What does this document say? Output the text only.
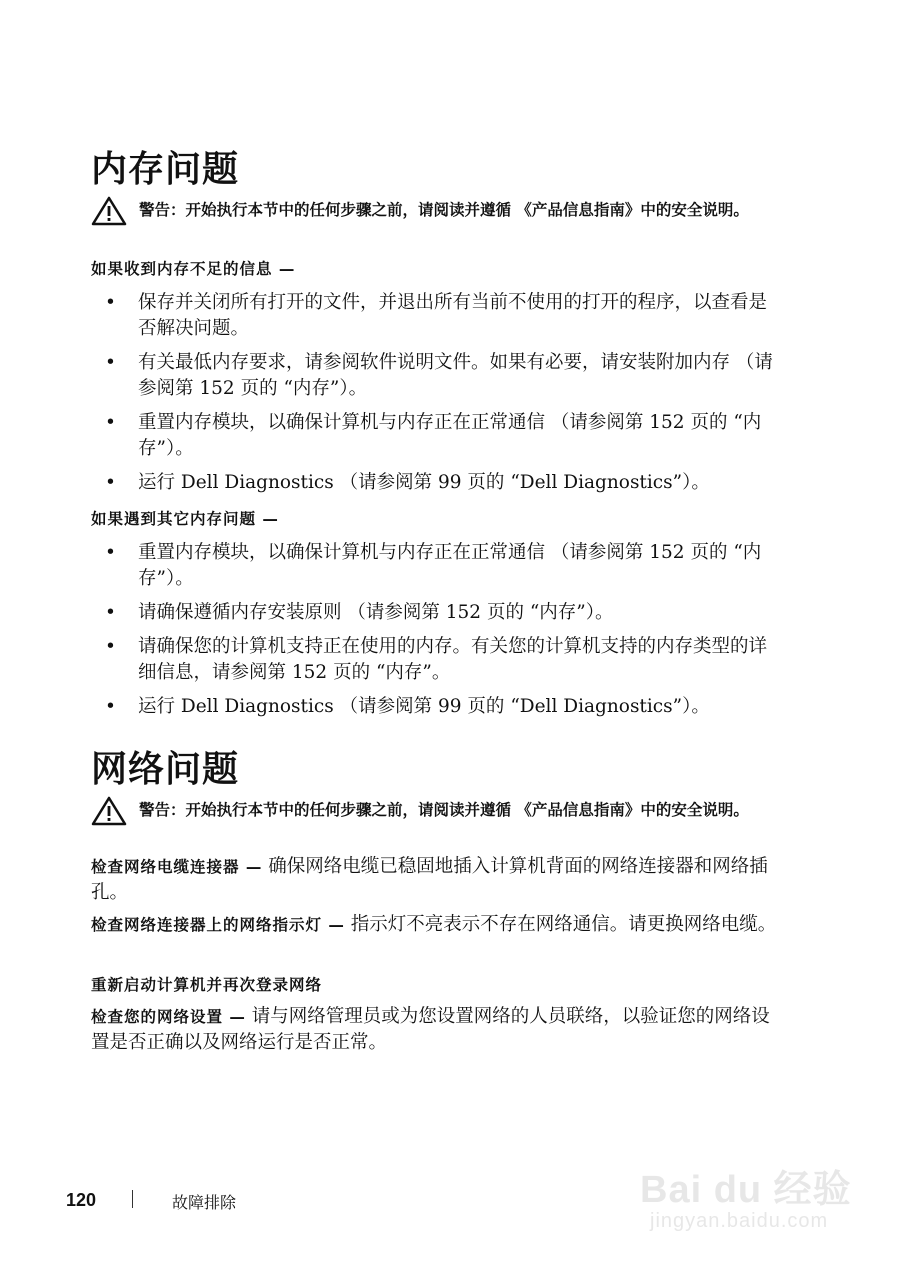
内存问题
警告：开始执行本节中的任何步骤之前，请阅读并遵循 《产品信息指南》中的安全说明。
如果收到内存不足的信息 —
• 保存并关闭所有打开的文件，并退出所有当前不使用的打开的程序，以查看是否解决问题。
• 有关最低内存要求，请参阅软件说明文件。如果有必要，请安装附加内存 （请参阅第 152 页的 “内存”）。
• 重置内存模块，以确保计算机与内存正在正常通信 （请参阅第 152 页的 “内存”）。
• 运行 Dell Diagnostics （请参阅第 99 页的 “Dell Diagnostics”）。
如果遇到其它内存问题 —
• 重置内存模块，以确保计算机与内存正在正常通信 （请参阅第 152 页的 “内存”）。
• 请确保遵循内存安装原则 （请参阅第 152 页的 “内存”）。
• 请确保您的计算机支持正在使用的内存。有关您的计算机支持的内存类型的详细信息，请参阅第 152 页的 “内存”。
• 运行 Dell Diagnostics （请参阅第 99 页的 “Dell Diagnostics”）。
网络问题
警告：开始执行本节中的任何步骤之前，请阅读并遵循 《产品信息指南》中的安全说明。
检查网络电缆连接器 — 确保网络电缆已稳固地插入计算机背面的网络连接器和网络插孔。
检查网络连接器上的网络指示灯 — 指示灯不亮表示不存在网络通信。请更换网络电缆。
重新启动计算机并再次登录网络
检查您的网络设置 — 请与网络管理员或为您设置网络的人员联络，以验证您的网络设置是否正确以及网络运行是否正常。
120	故障排除	Bai du 经验
jingyan.baidu.com
